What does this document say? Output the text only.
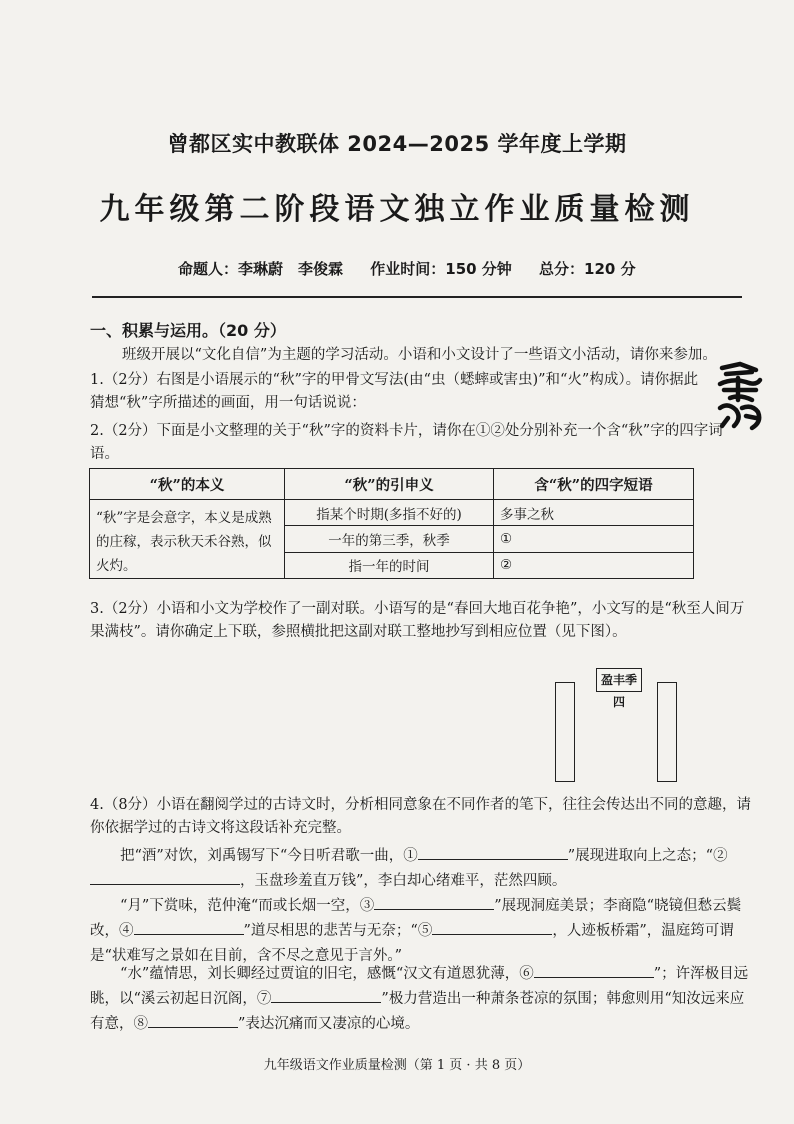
曾都区实中教联体 2024—2025 学年度上学期
九年级第二阶段语文独立作业质量检测
命题人：李琳蔚　李俊霖 作业时间：150 分钟 总分：120 分
一、积累与运用。（20 分）
班级开展以“文化自信”为主题的学习活动。小语和小文设计了一些语文小活动，请你来参加。
1.（2分）右图是小语展示的“秋”字的甲骨文写法(由“虫（蟋蟀或害虫)”和“火”构成）。请你据此猜想“秋”字所描述的画面，用一句话说说：
2.（2分）下面是小文整理的关于“秋”字的资料卡片，请你在①②处分别补充一个含“秋”字的四字词语。
“秋”的本义	“秋”的引申义	含“秋”的四字短语
“秋”字是会意字，本义是成熟的庄稼，表示秋天禾谷熟，似火灼。	指某个时期(多指不好的)	多事之秋
	一年的第三季，秋季	①
	指一年的时间	②
3.（2分）小语和小文为学校作了一副对联。小语写的是“春回大地百花争艳”，小文写的是“秋至人间万果满枝”。请你确定上下联，参照横批把这副对联工整地抄写到相应位置（见下图）。
盈丰季四
4.（8分）小语在翻阅学过的古诗文时，分析相同意象在不同作者的笔下，往往会传达出不同的意趣，请你依据学过的古诗文将这段话补充完整。
把“酒”对饮，刘禹锡写下“今日听君歌一曲，①	”展现进取向上之态；“②，玉盘珍羞直万钱”，李白却心绪难平，茫然四顾。
“月”下赏味，范仲淹“而或长烟一空，③	”展现洞庭美景；李商隐“晓镜但愁云鬓改，④	”道尽相思的悲苦与无奈；“⑤	，人迹板桥霜”，温庭筠可谓是“状难写之景如在目前，含不尽之意见于言外。”
“水”蕴情思，刘长卿经过贾谊的旧宅，感慨“汉文有道恩犹薄，⑥	”；许浑极目远眺，以“溪云初起日沉阁，⑦	”极力营造出一种萧条苍凉的氛围；韩愈则用“知汝远来应有意，⑧	”表达沉痛而又凄凉的心境。
九年级语文作业质量检测（第 1 页 · 共 8 页）
